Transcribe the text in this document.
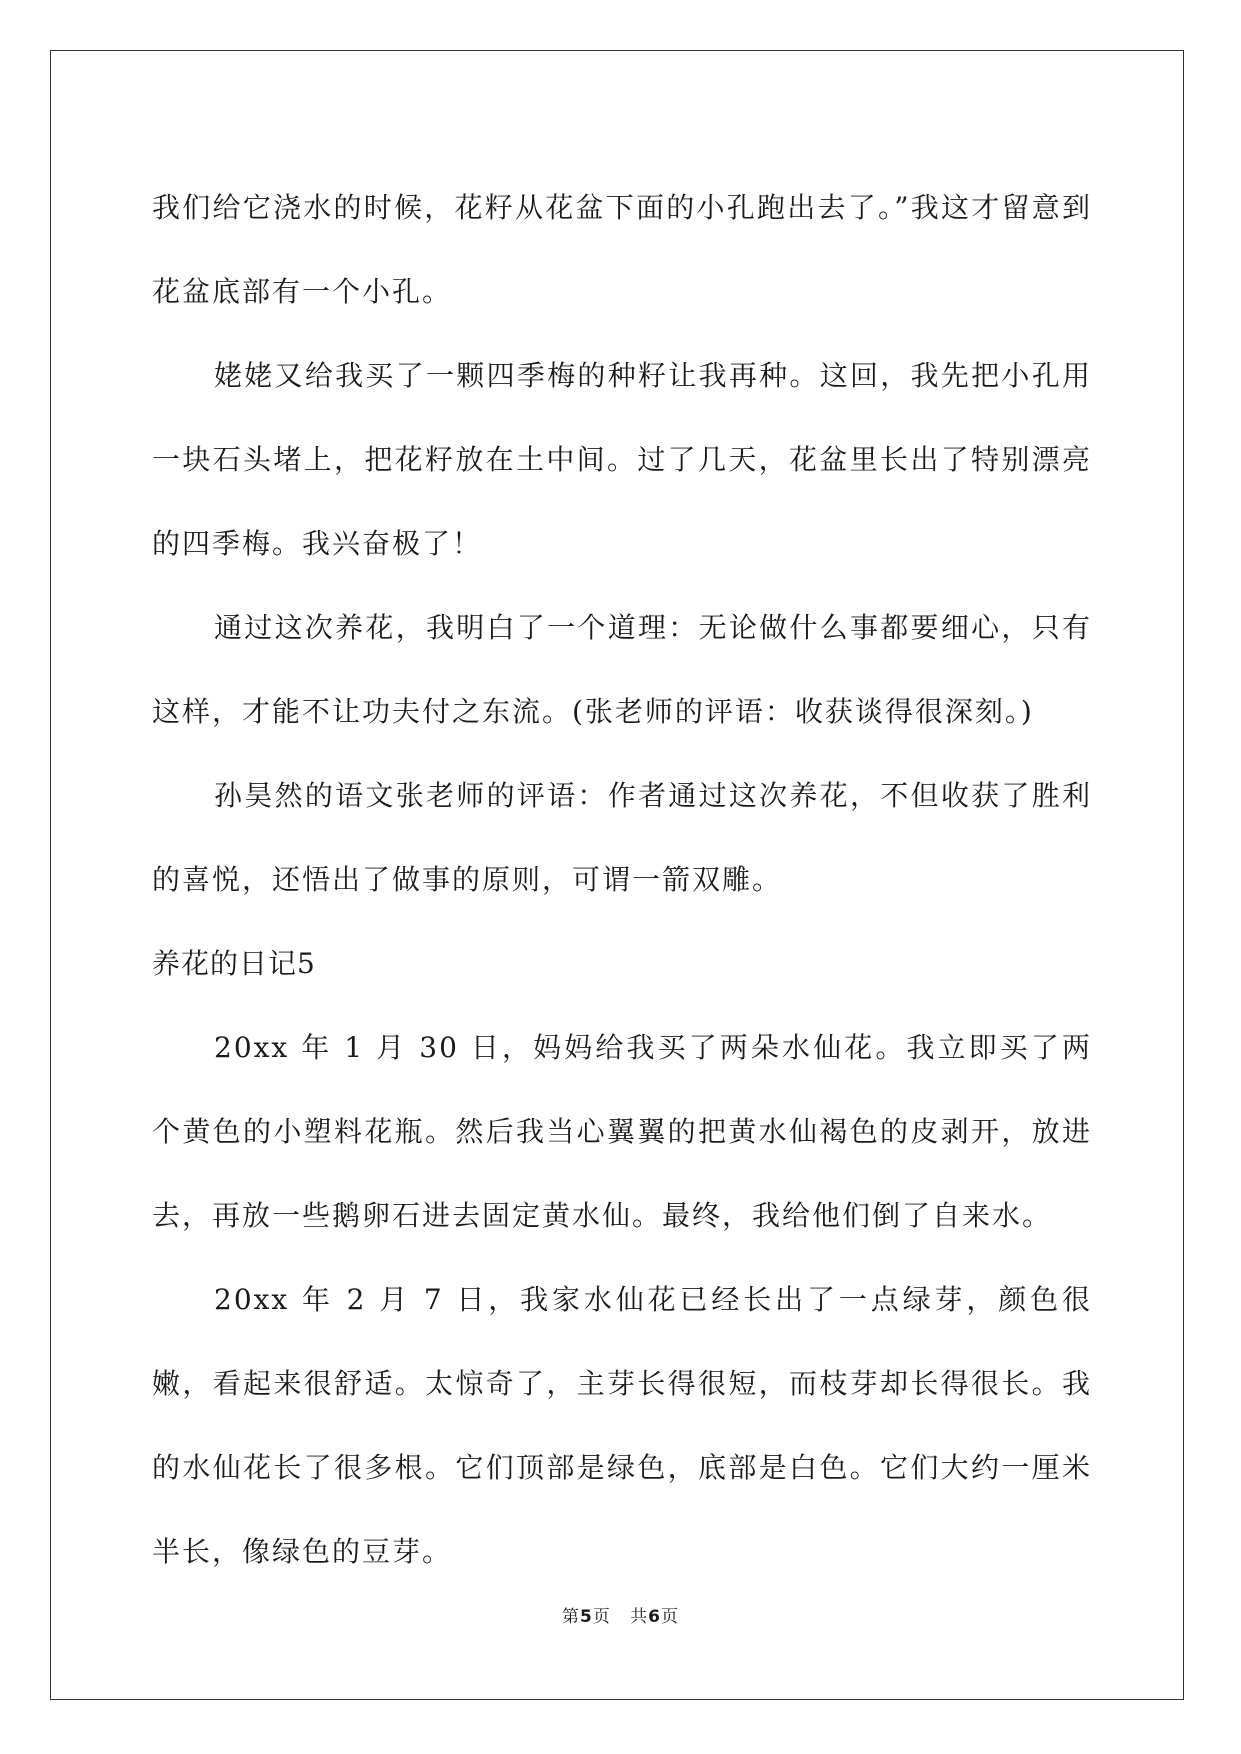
我们给它浇水的时候，花籽从花盆下面的小孔跑出去了。”我这才留意到花盆底部有一个小孔。

姥姥又给我买了一颗四季梅的种籽让我再种。这回，我先把小孔用一块石头堵上，把花籽放在土中间。过了几天，花盆里长出了特别漂亮的四季梅。我兴奋极了！

通过这次养花，我明白了一个道理：无论做什么事都要细心，只有这样，才能不让功夫付之东流。(张老师的评语：收获谈得很深刻。)

孙昊然的语文张老师的评语：作者通过这次养花，不但收获了胜利的喜悦，还悟出了做事的原则，可谓一箭双雕。

养花的日记5

20xx 年 1 月 30 日，妈妈给我买了两朵水仙花。我立即买了两个黄色的小塑料花瓶。然后我当心翼翼的把黄水仙褐色的皮剥开，放进去，再放一些鹅卵石进去固定黄水仙。最终，我给他们倒了自来水。

20xx 年 2 月 7 日，我家水仙花已经长出了一点绿芽，颜色很嫩，看起来很舒适。太惊奇了，主芽长得很短，而枝芽却长得很长。我的水仙花长了很多根。它们顶部是绿色，底部是白色。它们大约一厘米半长，像绿色的豆芽。

第5页 共6页
